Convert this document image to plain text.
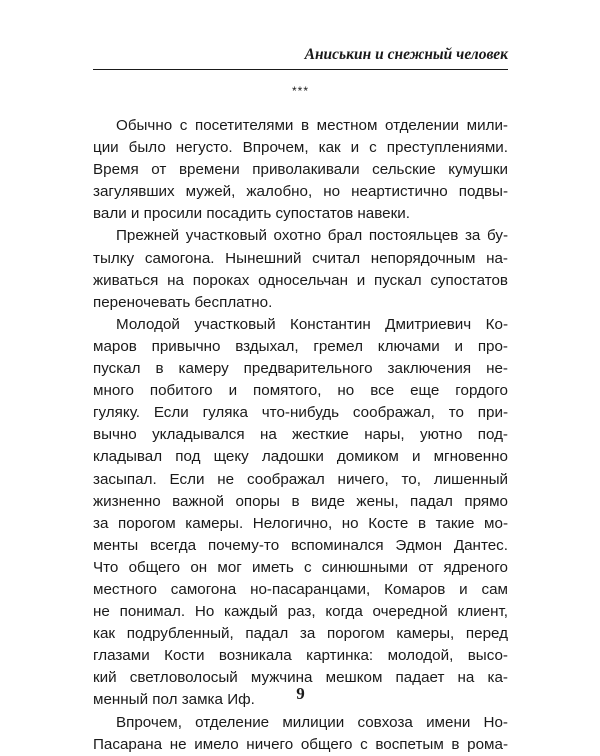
Аниськин и снежный человек
***
Обычно с посетителями в местном отделении мили-
ции было негусто. Впрочем, как и с преступлениями.
Время от времени приволакивали сельские кумушки
загулявших мужей, жалобно, но неартистично подвы-
вали и просили посадить супостатов навеки.
Прежней участковый охотно брал постояльцев за бу-
тылку самогона. Нынешний считал непорядочным на-
живаться на пороках односельчан и пускал супостатов
переночевать бесплатно.
Молодой участковый Константин Дмитриевич Ко-
маров привычно вздыхал, гремел ключами и про-
пускал в камеру предварительного заключения не-
много побитого и помятого, но все еще гордого
гуляку. Если гуляка что-нибудь соображал, то при-
вычно укладывался на жесткие нары, уютно под-
кладывал под щеку ладошки домиком и мгновенно
засыпал. Если не соображал ничего, то, лишенный
жизненно важной опоры в виде жены, падал прямо
за порогом камеры. Нелогично, но Косте в такие мо-
менты всегда почему-то вспоминался Эдмон Дантес.
Что общего он мог иметь с синюшными от ядреного
местного самогона но-пасаранцами, Комаров и сам
не понимал. Но каждый раз, когда очередной клиент,
как подрубленный, падал за порогом камеры, перед
глазами Кости возникала картинка: молодой, высо-
кий светловолосый мужчина мешком падает на ка-
менный пол замка Иф.
Впрочем, отделение милиции совхоза имени Но-
Пасарана не имело ничего общего с воспетым в рома-
9
